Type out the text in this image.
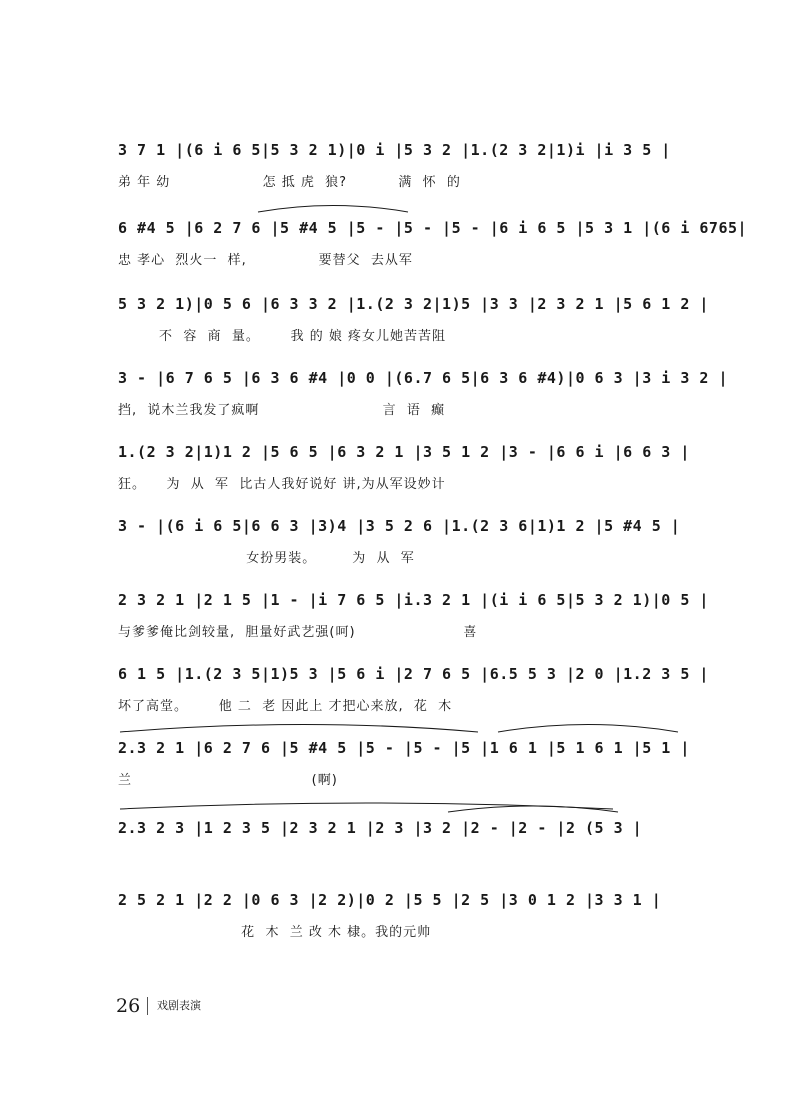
3 7 1 |(6 i 6 5|5 3 2 1)|0 i |5 3 2 |1.(2 3 2|1)i |i 3 5 |
弟 年 幼                  怎 抵 虎  狼?          满  怀  的
6 #4 5 |6 2 7 6 |5 #4 5 |5 - |5 - |5 - |6 i 6 5 |5 3 1 |(6 i 6765|
忠 孝心  烈火一  样,              要替父  去从军
5 3 2 1)|0 5 6 |6 3 3 2 |1.(2 3 2|1)5 |3 3 |2 3 2 1 |5 6 1 2 |
不  容  商  量。      我 的 娘 疼女儿她苦苦阻
3 - |6 7 6 5 |6 3 6 #4 |0 0 |(6.7 6 5|6 3 6 #4)|0 6 3 |3 i 3 2 |
挡,  说木兰我发了疯啊                        言  语  癫
1.(2 3 2|1)1 2 |5 6 5 |6 3 2 1 |3 5 1 2 |3 - |6 6 i |6 6 3 |
狂。    为  从  军  比古人我好说好 讲,为从军设妙计
3 - |(6 i 6 5|6 6 3 |3)4 |3 5 2 6 |1.(2 3 6|1)1 2 |5 #4 5 |
女扮男装。       为  从  军
2 3 2 1 |2 1 5 |1 - |i 7 6 5 |i.3 2 1 |(i i 6 5|5 3 2 1)|0 5 |
与爹爹俺比剑较量,  胆量好武艺强(呵)                     喜
6 1 5 |1.(2 3 5|1)5 3 |5 6 i |2 7 6 5 |6.5 5 3 |2 0 |1.2 3 5 |
坏了高堂。      他 二  老 因此上 才把心来放,  花  木
2.3 2 1 |6 2 7 6 |5 #4 5 |5 - |5 - |5 |1 6 1 |5 1 6 1 |5 1 |
兰                                   (啊)
2.3 2 3 |1 2 3 5 |2 3 2 1 |2 3 |3 2 |2 - |2 - |2 (5 3 |
2 5 2 1 |2 2 |0 6 3 |2 2)|0 2 |5 5 |2 5 |3 0 1 2 |3 3 1 |
花  木  兰 改 木 棣。我的元帅
26 戏剧表演
